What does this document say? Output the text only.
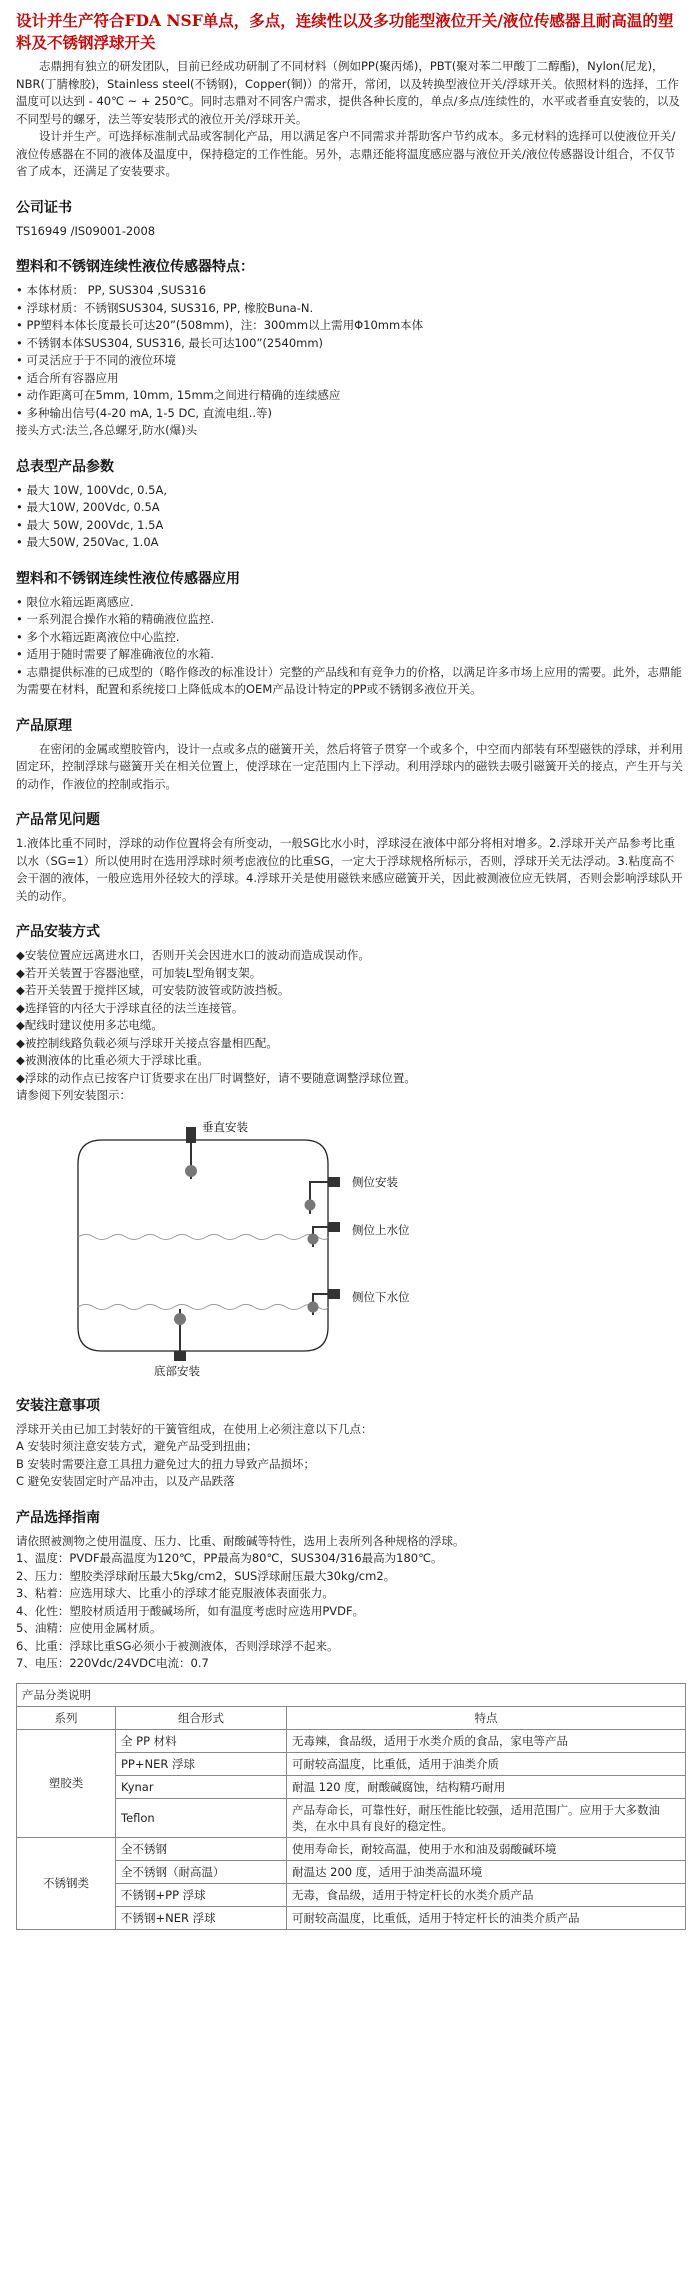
设计并生产符合FDA NSF单点，多点，连续性以及多功能型液位开关/液位传感器且耐高温的塑料及不锈钢浮球开关

志鼎拥有独立的研发团队，目前已经成功研制了不同材料（例如PP(聚丙烯)，PBT(聚对苯二甲酸丁二醇酯)，Nylon(尼龙)，NBR(丁腈橡胶)，Stainless steel(不锈钢)，Copper(铜)）的常开，常闭，以及转换型液位开关/浮球开关。依照材料的选择，工作温度可以达到 - 40℃ ~ + 250℃。同时志鼎对不同客户需求，提供各种长度的，单点/多点/连续性的，水平或者垂直安装的，以及不同型号的螺牙，法兰等安装形式的液位开关/浮球开关。

设计并生产。可选择标准制式品或客制化产品，用以满足客户不同需求并帮助客户节约成本。多元材料的选择可以使液位开关/液位传感器在不同的液体及温度中，保持稳定的工作性能。另外，志鼎还能将温度感应器与液位开关/液位传感器设计组合，不仅节省了成本，还满足了安装要求。

公司证书

TS16949 /IS09001-2008

塑料和不锈钢连续性液位传感器特点：
• 本体材质： PP, SUS304 ,SUS316
• 浮球材质：不锈钢SUS304, SUS316, PP, 橡胶Buna-N.
• PP塑料本体长度最长可达20”(508mm)，注：300mm以上需用Φ10mm本体
• 不锈钢本体SUS304, SUS316, 最长可达100”(2540mm)
• 可灵活应于于不同的液位环境
• 适合所有容器应用
• 动作距离可在5mm, 10mm, 15mm之间进行精确的连续感应
• 多种输出信号(4-20 mA, 1-5 DC, 直流电组..等)
接头方式:法兰,各总螺牙,防水(爆)头
总表型产品参数
• 最大 10W, 100Vdc, 0.5A,
• 最大10W, 200Vdc, 0.5A
• 最大 50W, 200Vdc, 1.5A
• 最大50W, 250Vac, 1.0A
塑料和不锈钢连续性液位传感器应用
• 限位水箱远距离感应.
• 一系列混合操作水箱的精确液位监控.
• 多个水箱远距离液位中心监控.
• 适用于随时需要了解准确液位的水箱.
• 志鼎提供标准的已成型的（略作修改的标准设计）完整的产品线和有竞争力的价格，以满足许多市场上应用的需要。此外，志鼎能为需要在材料，配置和系统接口上降低成本的OEM产品设计特定的PP或不锈钢多液位开关。
产品原理

在密闭的金属或塑胶管内，设计一点或多点的磁簧开关，然后将管子贯穿一个或多个，中空而内部装有环型磁铁的浮球，并利用固定环，控制浮球与磁簧开关在相关位置上，使浮球在一定范围内上下浮动。利用浮球内的磁铁去吸引磁簧开关的接点，产生开与关的动作，作液位的控制或指示。

产品常见问题

1.液体比重不同时，浮球的动作位置将会有所变动，一般SG比水小时，浮球浸在液体中部分将相对增多。2.浮球开关产品参考比重以水（SG=1）所以使用时在选用浮球时须考虑液位的比重SG，一定大于浮球规格所标示，否则，浮球开关无法浮动。3.粘度高不会干涸的液体，一般应选用外径较大的浮球。4.浮球开关是使用磁铁来感应磁簧开关，因此被测液位应无铁屑，否则会影响浮球队开关的动作。

产品安装方式
◆安装位置应远离进水口，否则开关会因进水口的波动而造成误动作。
◆若开关装置于容器池壁，可加装L型角钢支架。
◆若开关装置于搅拌区域，可安装防波管或防波挡板。
◆选择管的内径大于浮球直径的法兰连接管。
◆配线时建议使用多芯电缆。
◆被控制线路负载必须与浮球开关接点容量相匹配。
◆被测液体的比重必须大于浮球比重。
◆浮球的动作点已按客户订货要求在出厂时调整好，请不要随意调整浮球位置。
请参阅下列安装图示：
垂直安装
侧位安装
侧位上水位
侧位下水位
底部安装
安装注意事项
浮球开关由已加工封装好的干簧管组成，在使用上必须注意以下几点：
A 安装时须注意安装方式，避免产品受到扭曲；
B 安装时需要注意工具扭力避免过大的扭力导致产品损坏；
C 避免安装固定时产品冲击，以及产品跌落
产品选择指南
请依照被测物之使用温度、压力、比重、耐酸碱等特性，选用上表所列各种规格的浮球。
1、温度：PVDF最高温度为120℃，PP最高为80℃，SUS304/316最高为180℃。
2、压力：塑胶类浮球耐压最大5kg/cm2，SUS浮球耐压最大30kg/cm2。
3、粘着：应选用球大、比重小的浮球才能克服液体表面张力。
4、化性：塑胶材质适用于酸碱场所，如有温度考虑时应选用PVDF。
5、油精：应使用金属材质。
6、比重：浮球比重SG必须小于被测液体，否则浮球浮不起来。
7、电压：220Vdc/24VDC电流：0.7
产品分类说明		
系列	组合形式	特点
塑胶类	全 PP 材料	无毒辣，食品级，适用于水类介质的食品，家电等产品
	PP+NER 浮球	可耐较高温度，比重低，适用于油类介质
	Kynar	耐温 120 度，耐酸碱腐蚀，结构精巧耐用
	Teflon	产品寿命长，可靠性好，耐压性能比较强，适用范围广。应用于大多数油类，在水中具有良好的稳定性。
不锈钢类	全不锈钢	使用寿命长，耐较高温，使用于水和油及弱酸碱环境
	全不锈钢（耐高温）	耐温达 200 度，适用于油类高温环境
	不锈钢+PP 浮球	无毒，食品级，适用于特定杆长的水类介质产品
	不锈钢+NER 浮球	可耐较高温度，比重低，适用于特定杆长的油类介质产品
